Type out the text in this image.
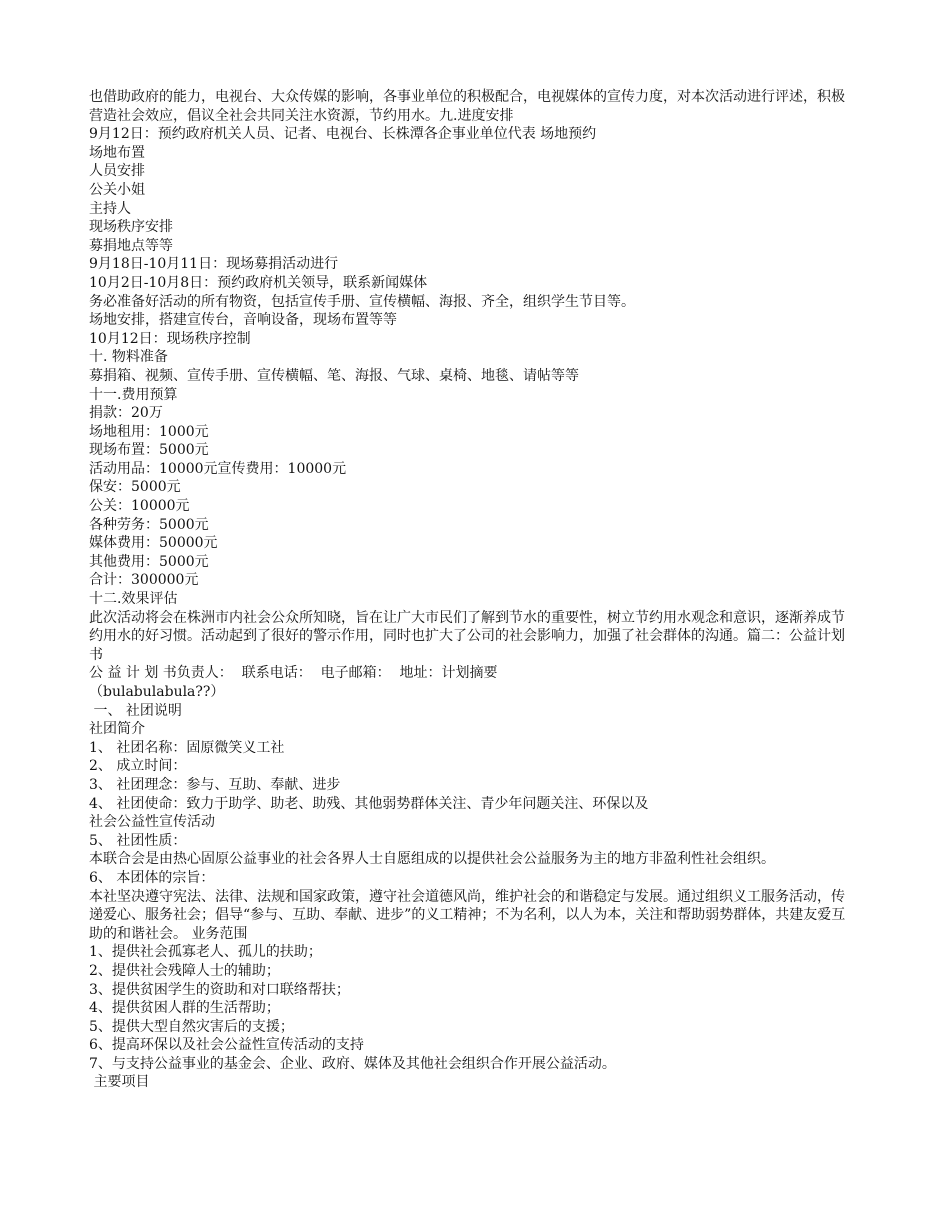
也借助政府的能力，电视台、大众传媒的影响，各事业单位的积极配合，电视媒体的宣传力度，对本次活动进行评述，积极营造社会效应，倡议全社会共同关注水资源，节约用水。九.进度安排

9月12日：预约政府机关人员、记者、电视台、长株潭各企事业单位代表 场地预约

场地布置

人员安排

公关小姐

主持人

现场秩序安排

募捐地点等等

9月18日-10月11日：现场募捐活动进行

10月2日-10月8日：预约政府机关领导，联系新闻媒体

务必准备好活动的所有物资，包括宣传手册、宣传横幅、海报、齐全，组织学生节目等。

场地安排，搭建宣传台，音响设备，现场布置等等

10月12日：现场秩序控制

十. 物料准备

募捐箱、视频、宣传手册、宣传横幅、笔、海报、气球、桌椅、地毯、请帖等等

十一.费用预算

捐款：20万

场地租用：1000元

现场布置：5000元

活动用品：10000元宣传费用：10000元

保安：5000元

公关：10000元

各种劳务：5000元

媒体费用：50000元

其他费用：5000元

合计：300000元

十二.效果评估

此次活动将会在株洲市内社会公众所知晓，旨在让广大市民们了解到节水的重要性，树立节约用水观念和意识，逐渐养成节约用水的好习惯。活动起到了很好的警示作用，同时也扩大了公司的社会影响力，加强了社会群体的沟通。篇二：公益计划书

公 益 计 划 书负责人：  联系电话：  电子邮箱：  地址：计划摘要

（bulabulabula??）

一、 社团说明

社团简介

1、 社团名称：固原微笑义工社

2、 成立时间：

3、 社团理念：参与、互助、奉献、进步

4、 社团使命：致力于助学、助老、助残、其他弱势群体关注、青少年问题关注、环保以及

社会公益性宣传活动

5、 社团性质：

本联合会是由热心固原公益事业的社会各界人士自愿组成的以提供社会公益服务为主的地方非盈利性社会组织。

6、 本团体的宗旨：

本社坚决遵守宪法、法律、法规和国家政策，遵守社会道德风尚，维护社会的和谐稳定与发展。通过组织义工服务活动，传递爱心、服务社会；倡导“参与、互助、奉献、进步”的义工精神；不为名利，以人为本，关注和帮助弱势群体，共建友爱互助的和谐社会。 业务范围

1、提供社会孤寡老人、孤儿的扶助；

2、提供社会残障人士的辅助；

3、提供贫困学生的资助和对口联络帮扶；

4、提供贫困人群的生活帮助；

5、提供大型自然灾害后的支援；

6、提高环保以及社会公益性宣传活动的支持

7、与支持公益事业的基金会、企业、政府、媒体及其他社会组织合作开展公益活动。

主要项目
